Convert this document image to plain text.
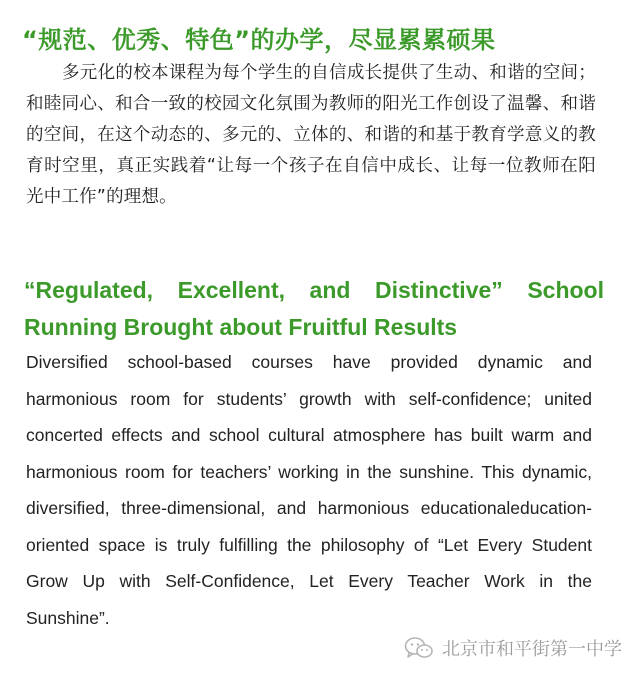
“规范、优秀、特色”的办学，尽显累累硕果
多元化的校本课程为每个学生的自信成长提供了生动、和谐的空间；和睦同心、和合一致的校园文化氛围为教师的阳光工作创设了温馨、和谐的空间，在这个动态的、多元的、立体的、和谐的和基于教育学意义的教育时空里，真正实践着“让每一个孩子在自信中成长、让每一位教师在阳光中工作”的理想。
“Regulated, Excellent, and Distinctive” School Running Brought about Fruitful Results
Diversified school-based courses have provided dynamic and harmonious room for students’ growth with self-confidence; united concerted effects and school cultural atmosphere has built warm and harmonious room for teachers’ working in the sunshine. This dynamic, diversified, three-dimensional, and harmonious educationaleducation-oriented space is truly fulfilling the philosophy of “Let Every Student Grow Up with Self-Confidence, Let Every Teacher Work in the Sunshine”.
北京市和平街第一中学
